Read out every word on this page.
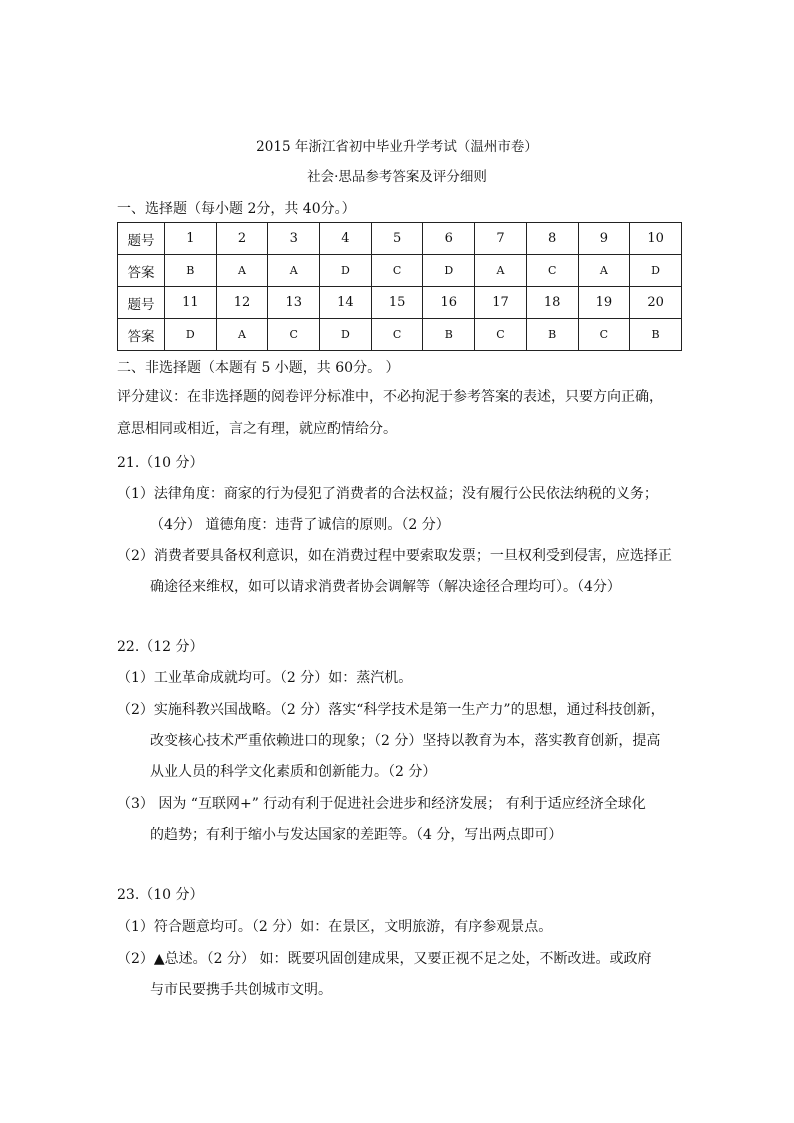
2015 年浙江省初中毕业升学考试（温州市卷）
社会·思品参考答案及评分细则
一、选择题（每小题 2分，共 40分。）
题号	1	2	3	4	5	6	7	8	9	10
答案	B	A	A	D	C	D	A	C	A	D
题号	11	12	13	14	15	16	17	18	19	20
答案	D	A	C	D	C	B	C	B	C	B
二、非选择题（本题有 5 小题，共 60分。 ）
评分建议：在非选择题的阅卷评分标准中，不必拘泥于参考答案的表述，只要方向正确，
意思相同或相近，言之有理，就应酌情给分。
21.（10 分）
（1）法律角度：商家的行为侵犯了消费者的合法权益；没有履行公民依法纳税的义务；
（4分） 道德角度：违背了诚信的原则。（2 分）
（2）消费者要具备权利意识，如在消费过程中要索取发票；一旦权利受到侵害，应选择正
确途径来维权，如可以请求消费者协会调解等（解决途径合理均可）。（4分）
22.（12 分）
（1）工业革命成就均可。（2 分）如：蒸汽机。
（2）实施科教兴国战略。（2 分）落实“科学技术是第一生产力”的思想，通过科技创新，
改变核心技术严重依赖进口的现象；（2 分）坚持以教育为本，落实教育创新，提高
从业人员的科学文化素质和创新能力。（2 分）
（3） 因为 “互联网+” 行动有利于促进社会进步和经济发展； 有利于适应经济全球化
的趋势；有利于缩小与发达国家的差距等。（4 分，写出两点即可）
23.（10 分）
（1）符合题意均可。（2 分）如：在景区，文明旅游，有序参观景点。
（2）▲总述。（2 分） 如：既要巩固创建成果，又要正视不足之处，不断改进。或政府
与市民要携手共创城市文明。
